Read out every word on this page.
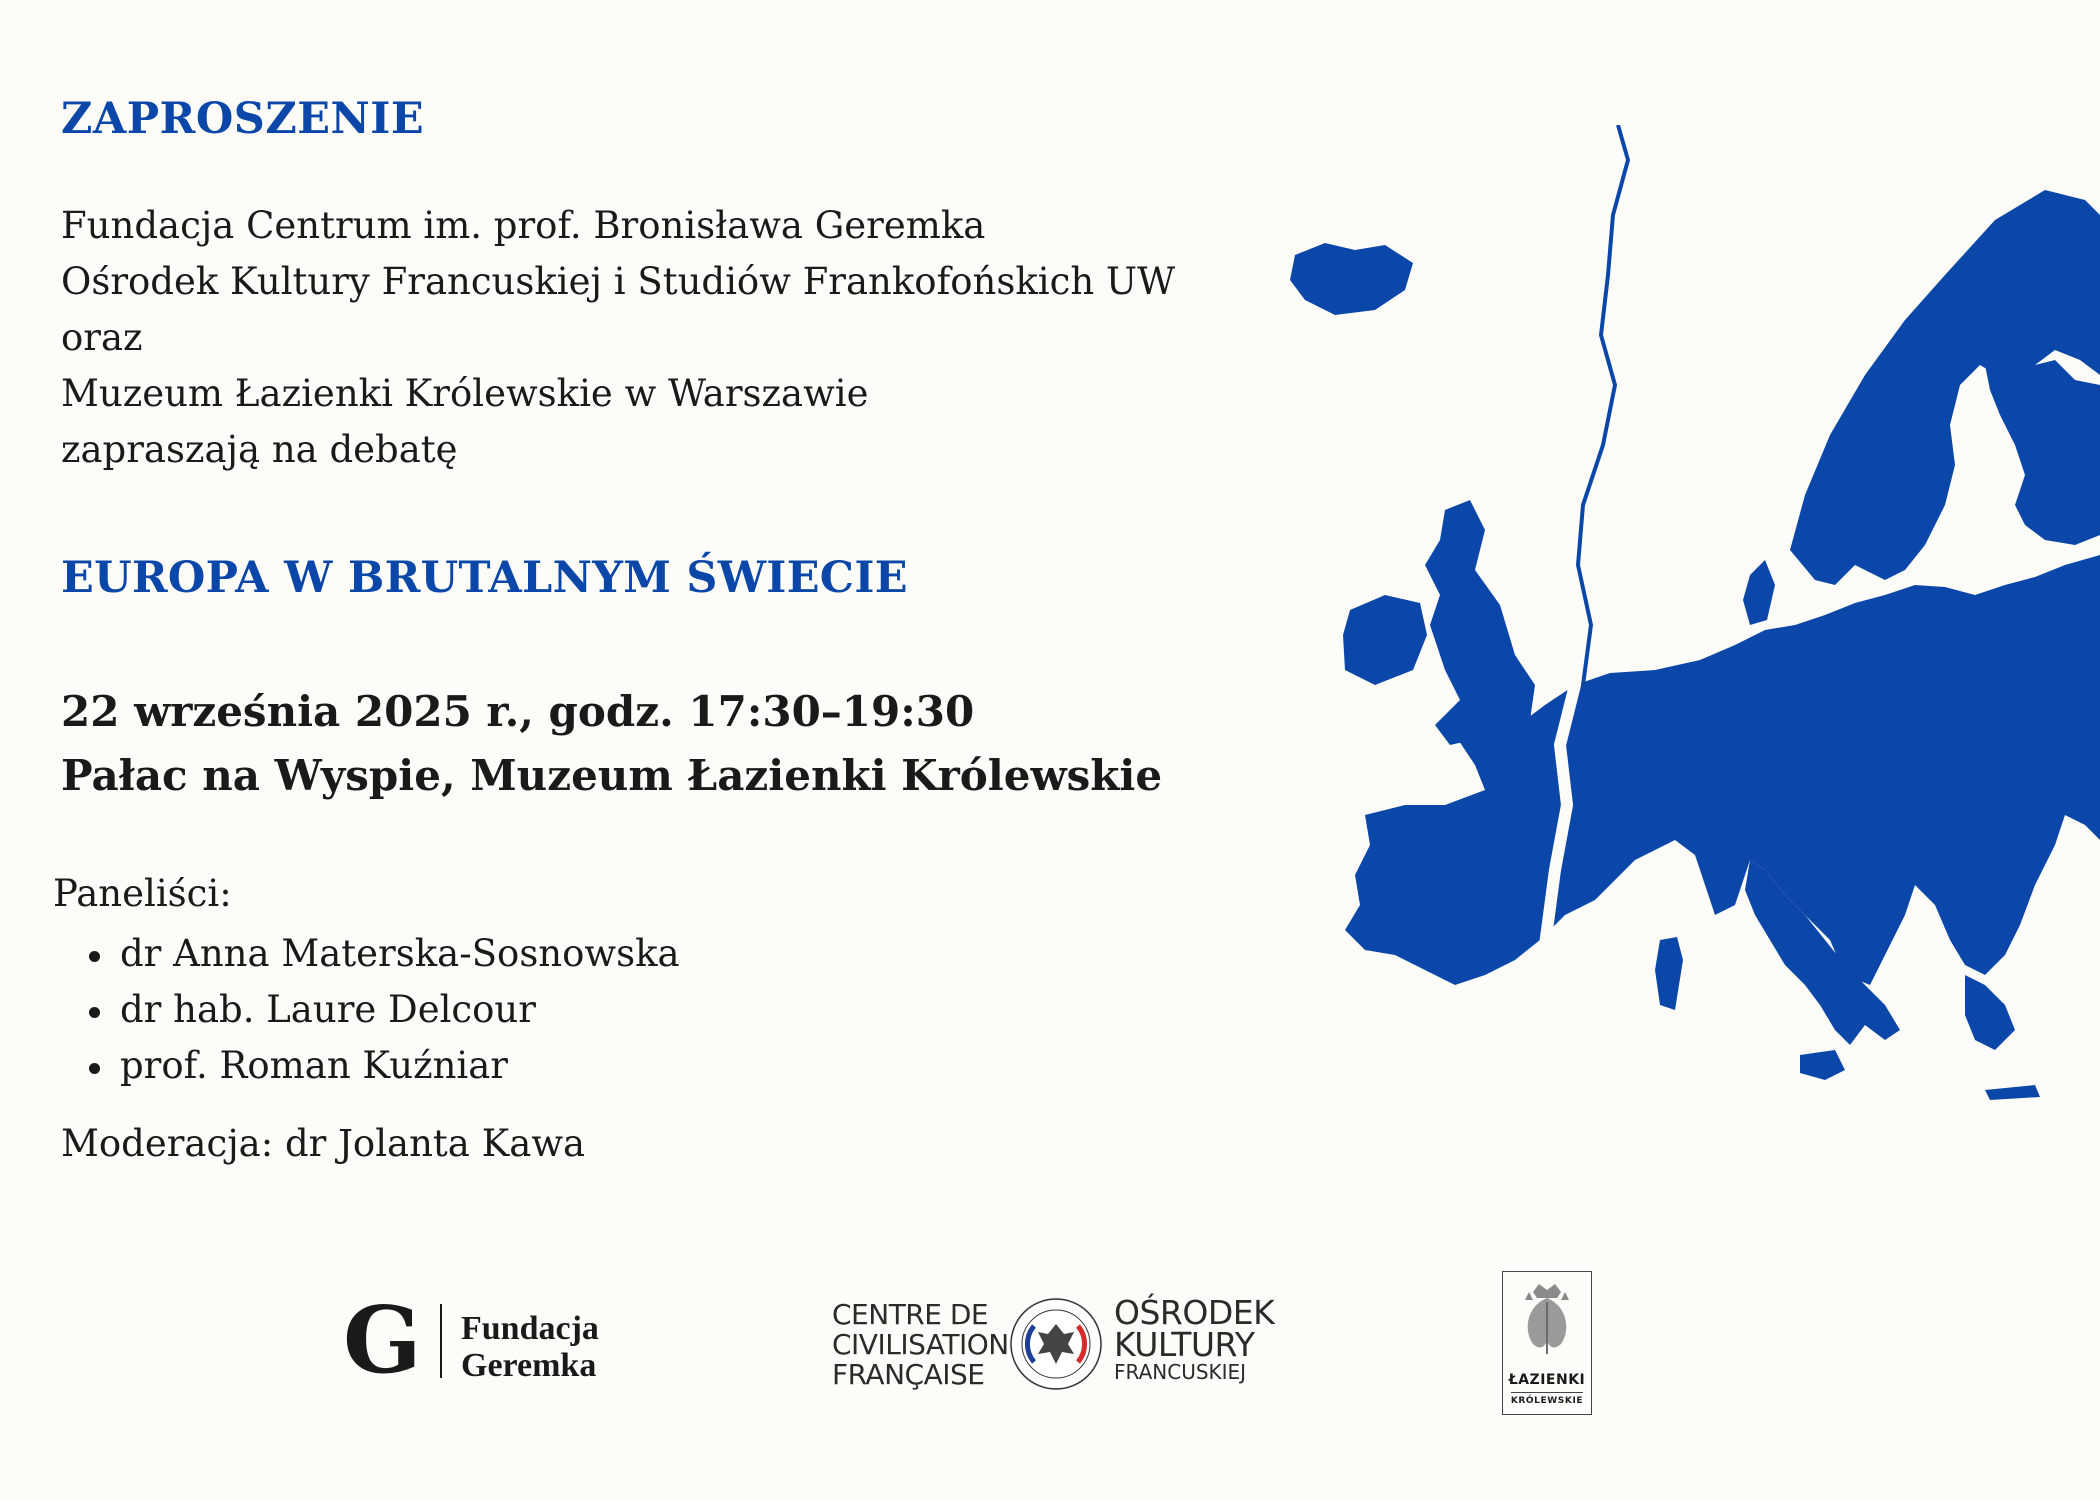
ZAPROSZENIE
Fundacja Centrum im. prof. Bronisława Geremka
Ośrodek Kultury Francuskiej i Studiów Frankofońskich UW
oraz
Muzeum Łazienki Królewskie w Warszawie
zapraszają na debatę
EUROPA W BRUTALNYM ŚWIECIE
22 września 2025 r., godz. 17:30–19:30
Pałac na Wyspie, Muzeum Łazienki Królewskie
Paneliści:
dr Anna Materska-Sosnowska
dr hab. Laure Delcour
prof. Roman Kuźniar
Moderacja: dr Jolanta Kawa
G Fundacja
Geremka
CENTRE DE
CIVILISATION
FRANÇAISE
OŚRODEK
KULTURY
FRANCUSKIEJ	ŁAZIENKI
KRÓLEWSKIE
